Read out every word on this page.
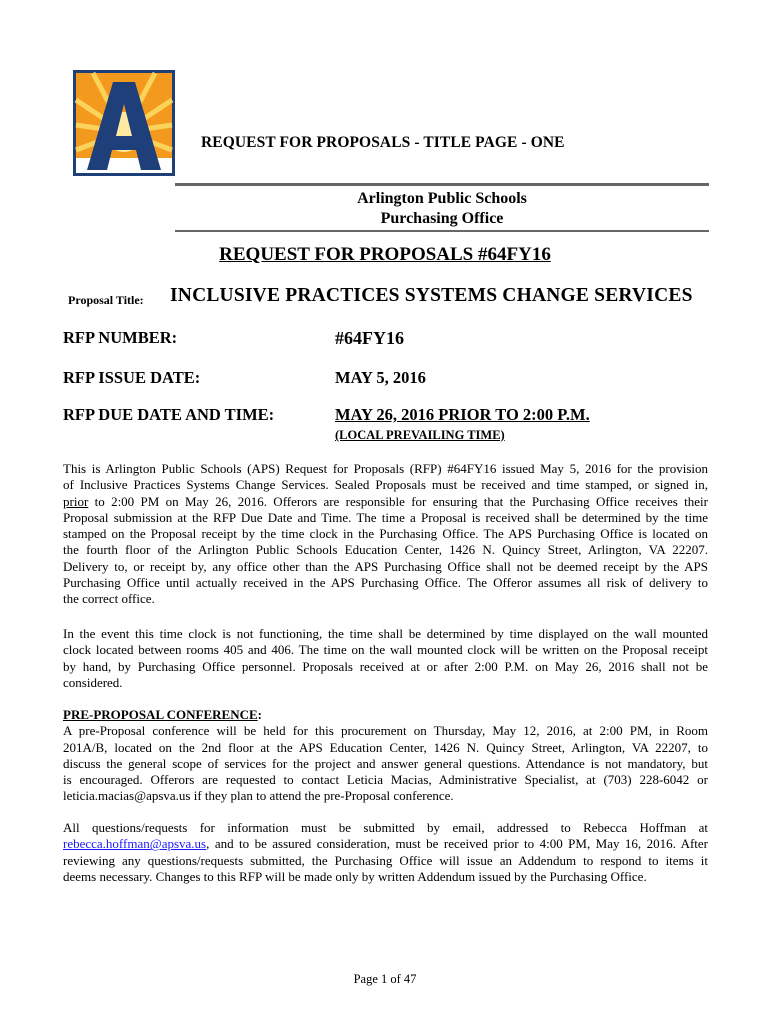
REQUEST FOR PROPOSALS - TITLE PAGE - ONE
Arlington Public Schools
Purchasing Office
REQUEST FOR PROPOSALS #64FY16
Proposal Title: INCLUSIVE PRACTICES SYSTEMS CHANGE SERVICES
RFP NUMBER:	#64FY16
RFP ISSUE DATE:	MAY 5, 2016
RFP DUE DATE AND TIME:	MAY 26, 2016 PRIOR TO 2:00 P.M.
(LOCAL PREVAILING TIME)
This is Arlington Public Schools (APS) Request for Proposals (RFP) #64FY16 issued May 5, 2016 for the provision
of Inclusive Practices Systems Change Services. Sealed Proposals must be received and time stamped, or signed in,
prior to 2:00 PM on May 26, 2016. Offerors are responsible for ensuring that the Purchasing Office receives their
Proposal submission at the RFP Due Date and Time. The time a Proposal is received shall be determined by the time
stamped on the Proposal receipt by the time clock in the Purchasing Office. The APS Purchasing Office is located on
the fourth floor of the Arlington Public Schools Education Center, 1426 N. Quincy Street, Arlington, VA 22207.
Delivery to, or receipt by, any office other than the APS Purchasing Office shall not be deemed receipt by the APS
Purchasing Office until actually received in the APS Purchasing Office. The Offeror assumes all risk of delivery to
the correct office.
In the event this time clock is not functioning, the time shall be determined by time displayed on the wall mounted
clock located between rooms 405 and 406. The time on the wall mounted clock will be written on the Proposal receipt
by hand, by Purchasing Office personnel. Proposals received at or after 2:00 P.M. on May 26, 2016 shall not be
considered.
PRE-PROPOSAL CONFERENCE:
A pre-Proposal conference will be held for this procurement on Thursday, May 12, 2016, at 2:00 PM, in Room
201A/B, located on the 2nd floor at the APS Education Center, 1426 N. Quincy Street, Arlington, VA 22207, to
discuss the general scope of services for the project and answer general questions. Attendance is not mandatory, but
is encouraged. Offerors are requested to contact Leticia Macias, Administrative Specialist, at (703) 228-6042 or
leticia.macias@apsva.us if they plan to attend the pre-Proposal conference.
All questions/requests for information must be submitted by email, addressed to Rebecca Hoffman at
rebecca.hoffman@apsva.us, and to be assured consideration, must be received prior to 4:00 PM, May 16, 2016. After
reviewing any questions/requests submitted, the Purchasing Office will issue an Addendum to respond to items it
deems necessary. Changes to this RFP will be made only by written Addendum issued by the Purchasing Office.
Page 1 of 47
